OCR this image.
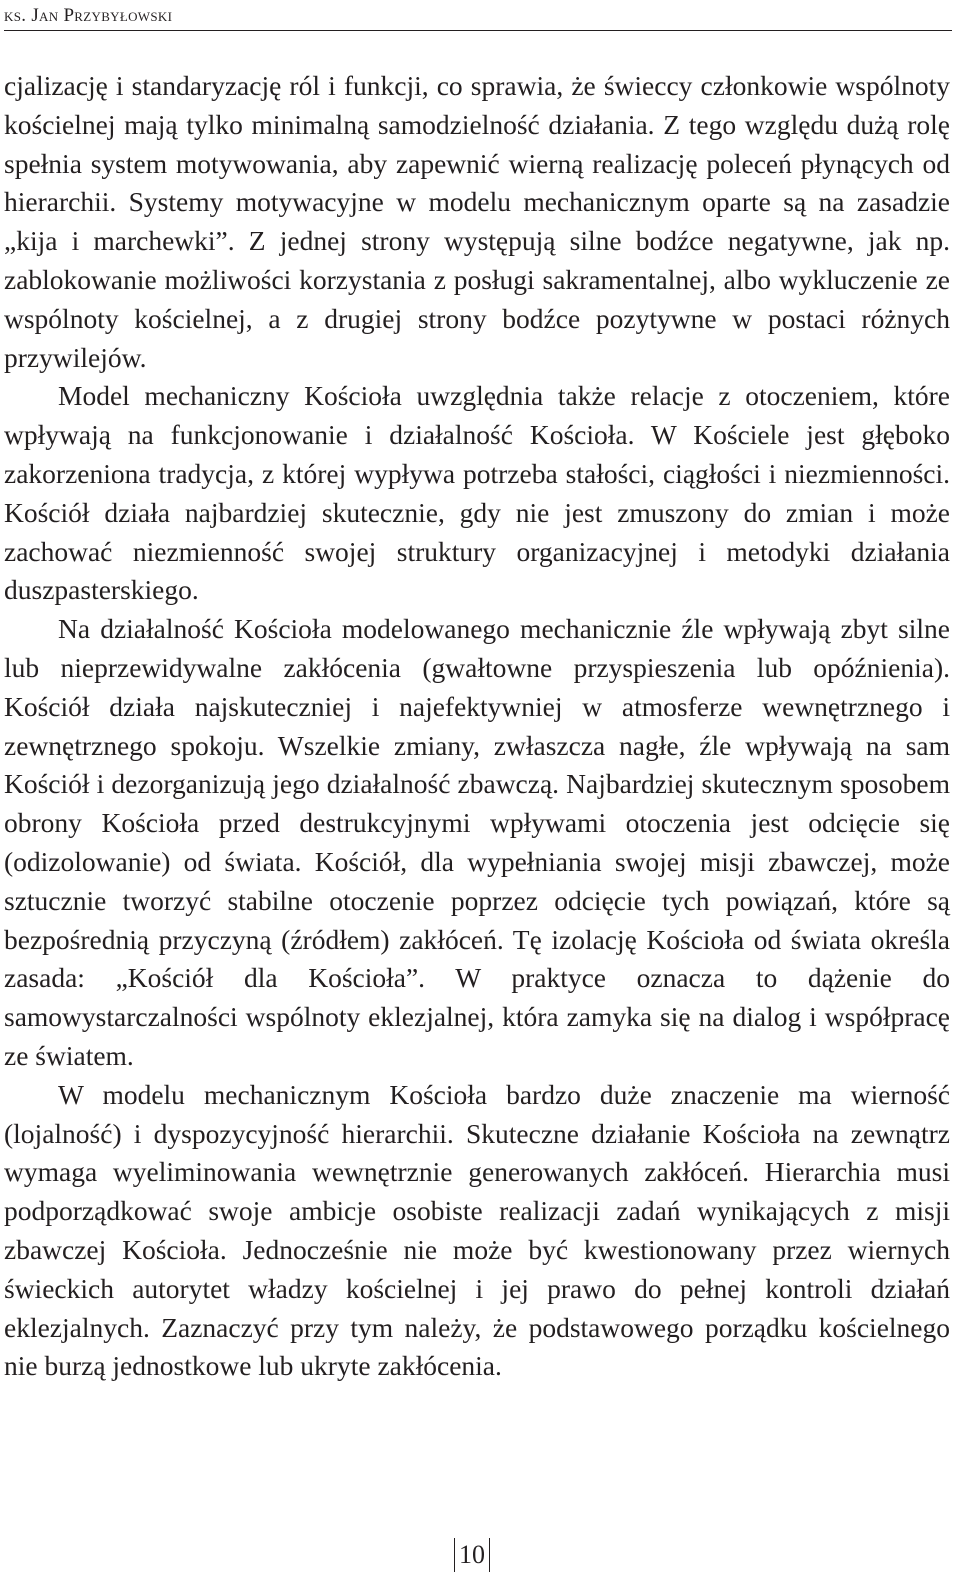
ks. Jan Przybyłowski

cjalizację i standaryzację ról i funkcji, co sprawia, że świeccy członkowie wspólnoty kościelnej mają tylko minimalną samodzielność działania. Z tego względu dużą rolę spełnia system motywowania, aby zapewnić wierną realizację poleceń płynących od hierarchii. Systemy motywacyjne w modelu mechanicznym oparte są na zasadzie „kija i marchewki”. Z jednej strony występują silne bodźce negatywne, jak np. zablokowanie możliwości korzystania z posługi sakramentalnej, albo wykluczenie ze wspólnoty kościelnej, a z drugiej strony bodźce pozytywne w postaci różnych przywilejów.

Model mechaniczny Kościoła uwzględnia także relacje z otoczeniem, które wpływają na funkcjonowanie i działalność Kościoła. W Kościele jest głęboko zakorzeniona tradycja, z której wypływa potrzeba stałości, ciągłości i niezmienności. Kościół działa najbardziej skutecznie, gdy nie jest zmuszony do zmian i może zachować niezmienność swojej struktury organizacyjnej i metodyki działania duszpasterskiego.

Na działalność Kościoła modelowanego mechanicznie źle wpływają zbyt silne lub nieprzewidywalne zakłócenia (gwałtowne przyspieszenia lub opóźnienia). Kościół działa najskuteczniej i najefektywniej w atmosferze wewnętrznego i zewnętrznego spokoju. Wszelkie zmiany, zwłaszcza nagłe, źle wpływają na sam Kościół i dezorganizują jego działalność zbawczą. Najbardziej skutecznym sposobem obrony Kościoła przed destrukcyjnymi wpływami otoczenia jest odcięcie się (odizolowanie) od świata. Kościół, dla wypełniania swojej misji zbawczej, może sztucznie tworzyć stabilne otoczenie poprzez odcięcie tych powiązań, które są bezpośrednią przyczyną (źródłem) zakłóceń. Tę izolację Kościoła od świata określa zasada: „Kościół dla Kościoła”. W praktyce oznacza to dążenie do samowystarczalności wspólnoty eklezjalnej, która zamyka się na dialog i współpracę ze światem.

W modelu mechanicznym Kościoła bardzo duże znaczenie ma wierność (lojalność) i dyspozycyjność hierarchii. Skuteczne działanie Kościoła na zewnątrz wymaga wyeliminowania wewnętrznie generowanych zakłóceń. Hierarchia musi podporządkować swoje ambicje osobiste realizacji zadań wynikających z misji zbawczej Kościoła. Jednocześnie nie może być kwestionowany przez wiernych świeckich autorytet władzy kościelnej i jej prawo do pełnej kontroli działań eklezjalnych. Zaznaczyć przy tym należy, że podstawowego porządku kościelnego nie burzą jednostkowe lub ukryte zakłócenia.

10
